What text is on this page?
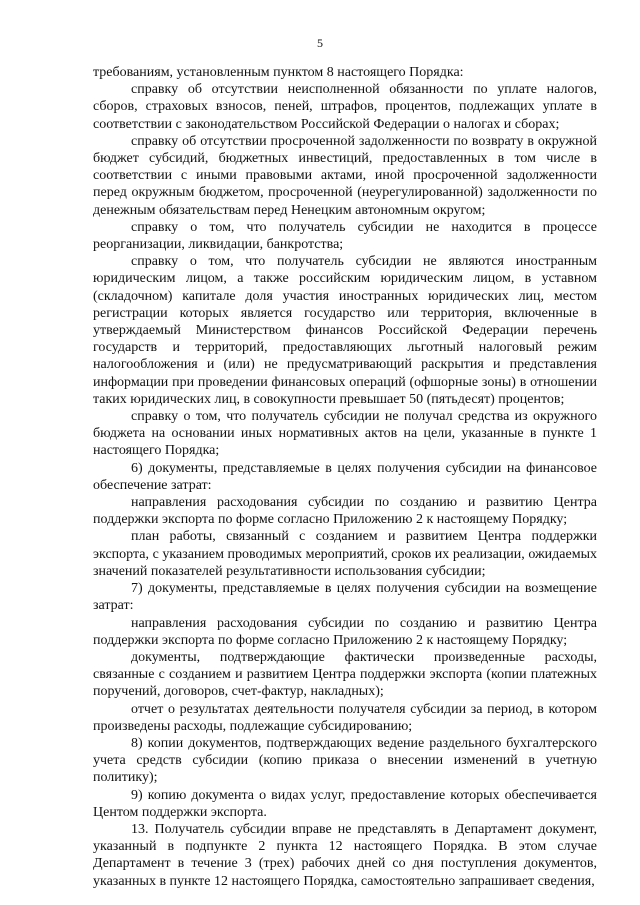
5

требованиям, установленным пунктом 8 настоящего Порядка:

справку об отсутствии неисполненной обязанности по уплате налогов, сборов, страховых взносов, пеней, штрафов, процентов, подлежащих уплате в соответствии с законодательством Российской Федерации о налогах и сборах;

справку об отсутствии просроченной задолженности по возврату в окружной бюджет субсидий, бюджетных инвестиций, предоставленных в том числе в соответствии с иными правовыми актами, иной просроченной задолженности перед окружным бюджетом, просроченной (неурегулированной) задолженности по денежным обязательствам перед Ненецким автономным округом;

справку о том, что получатель субсидии не находится в процессе реорганизации, ликвидации, банкротства;

справку о том, что получатель субсидии не являются иностранным юридическим лицом, а также российским юридическим лицом, в уставном (складочном) капитале доля участия иностранных юридических лиц, местом регистрации которых является государство или территория, включенные в утверждаемый Министерством финансов Российской Федерации перечень государств и территорий, предоставляющих льготный налоговый режим налогообложения и (или) не предусматривающий раскрытия и представления информации при проведении финансовых операций (офшорные зоны) в отношении таких юридических лиц, в совокупности превышает 50 (пятьдесят) процентов;

справку о том, что получатель субсидии не получал средства из окружного бюджета на основании иных нормативных актов на цели, указанные в пункте 1 настоящего Порядка;

6) документы, представляемые в целях получения субсидии на финансовое обеспечение затрат:

направления расходования субсидии по созданию и развитию Центра поддержки экспорта по форме согласно Приложению 2 к настоящему Порядку;

план работы, связанный с созданием и развитием Центра поддержки экспорта, с указанием проводимых мероприятий, сроков их реализации, ожидаемых значений показателей результативности использования субсидии;

7) документы, представляемые в целях получения субсидии на возмещение затрат:

направления расходования субсидии по созданию и развитию Центра поддержки экспорта по форме согласно Приложению 2 к настоящему Порядку;

документы, подтверждающие фактически произведенные расходы, связанные с созданием и развитием Центра поддержки экспорта (копии платежных поручений, договоров, счет-фактур, накладных);

отчет о результатах деятельности получателя субсидии за период, в котором произведены расходы, подлежащие субсидированию;

8) копии документов, подтверждающих ведение раздельного бухгалтерского учета средств субсидии (копию приказа о внесении изменений в учетную политику);

9) копию документа о видах услуг, предоставление которых обеспечивается Центом поддержки экспорта.

13. Получатель субсидии вправе не представлять в Департамент документ, указанный в подпункте 2 пункта 12 настоящего Порядка. В этом случае Департамент в течение 3 (трех) рабочих дней со дня поступления документов, указанных в пункте 12 настоящего Порядка, самостоятельно запрашивает сведения,
